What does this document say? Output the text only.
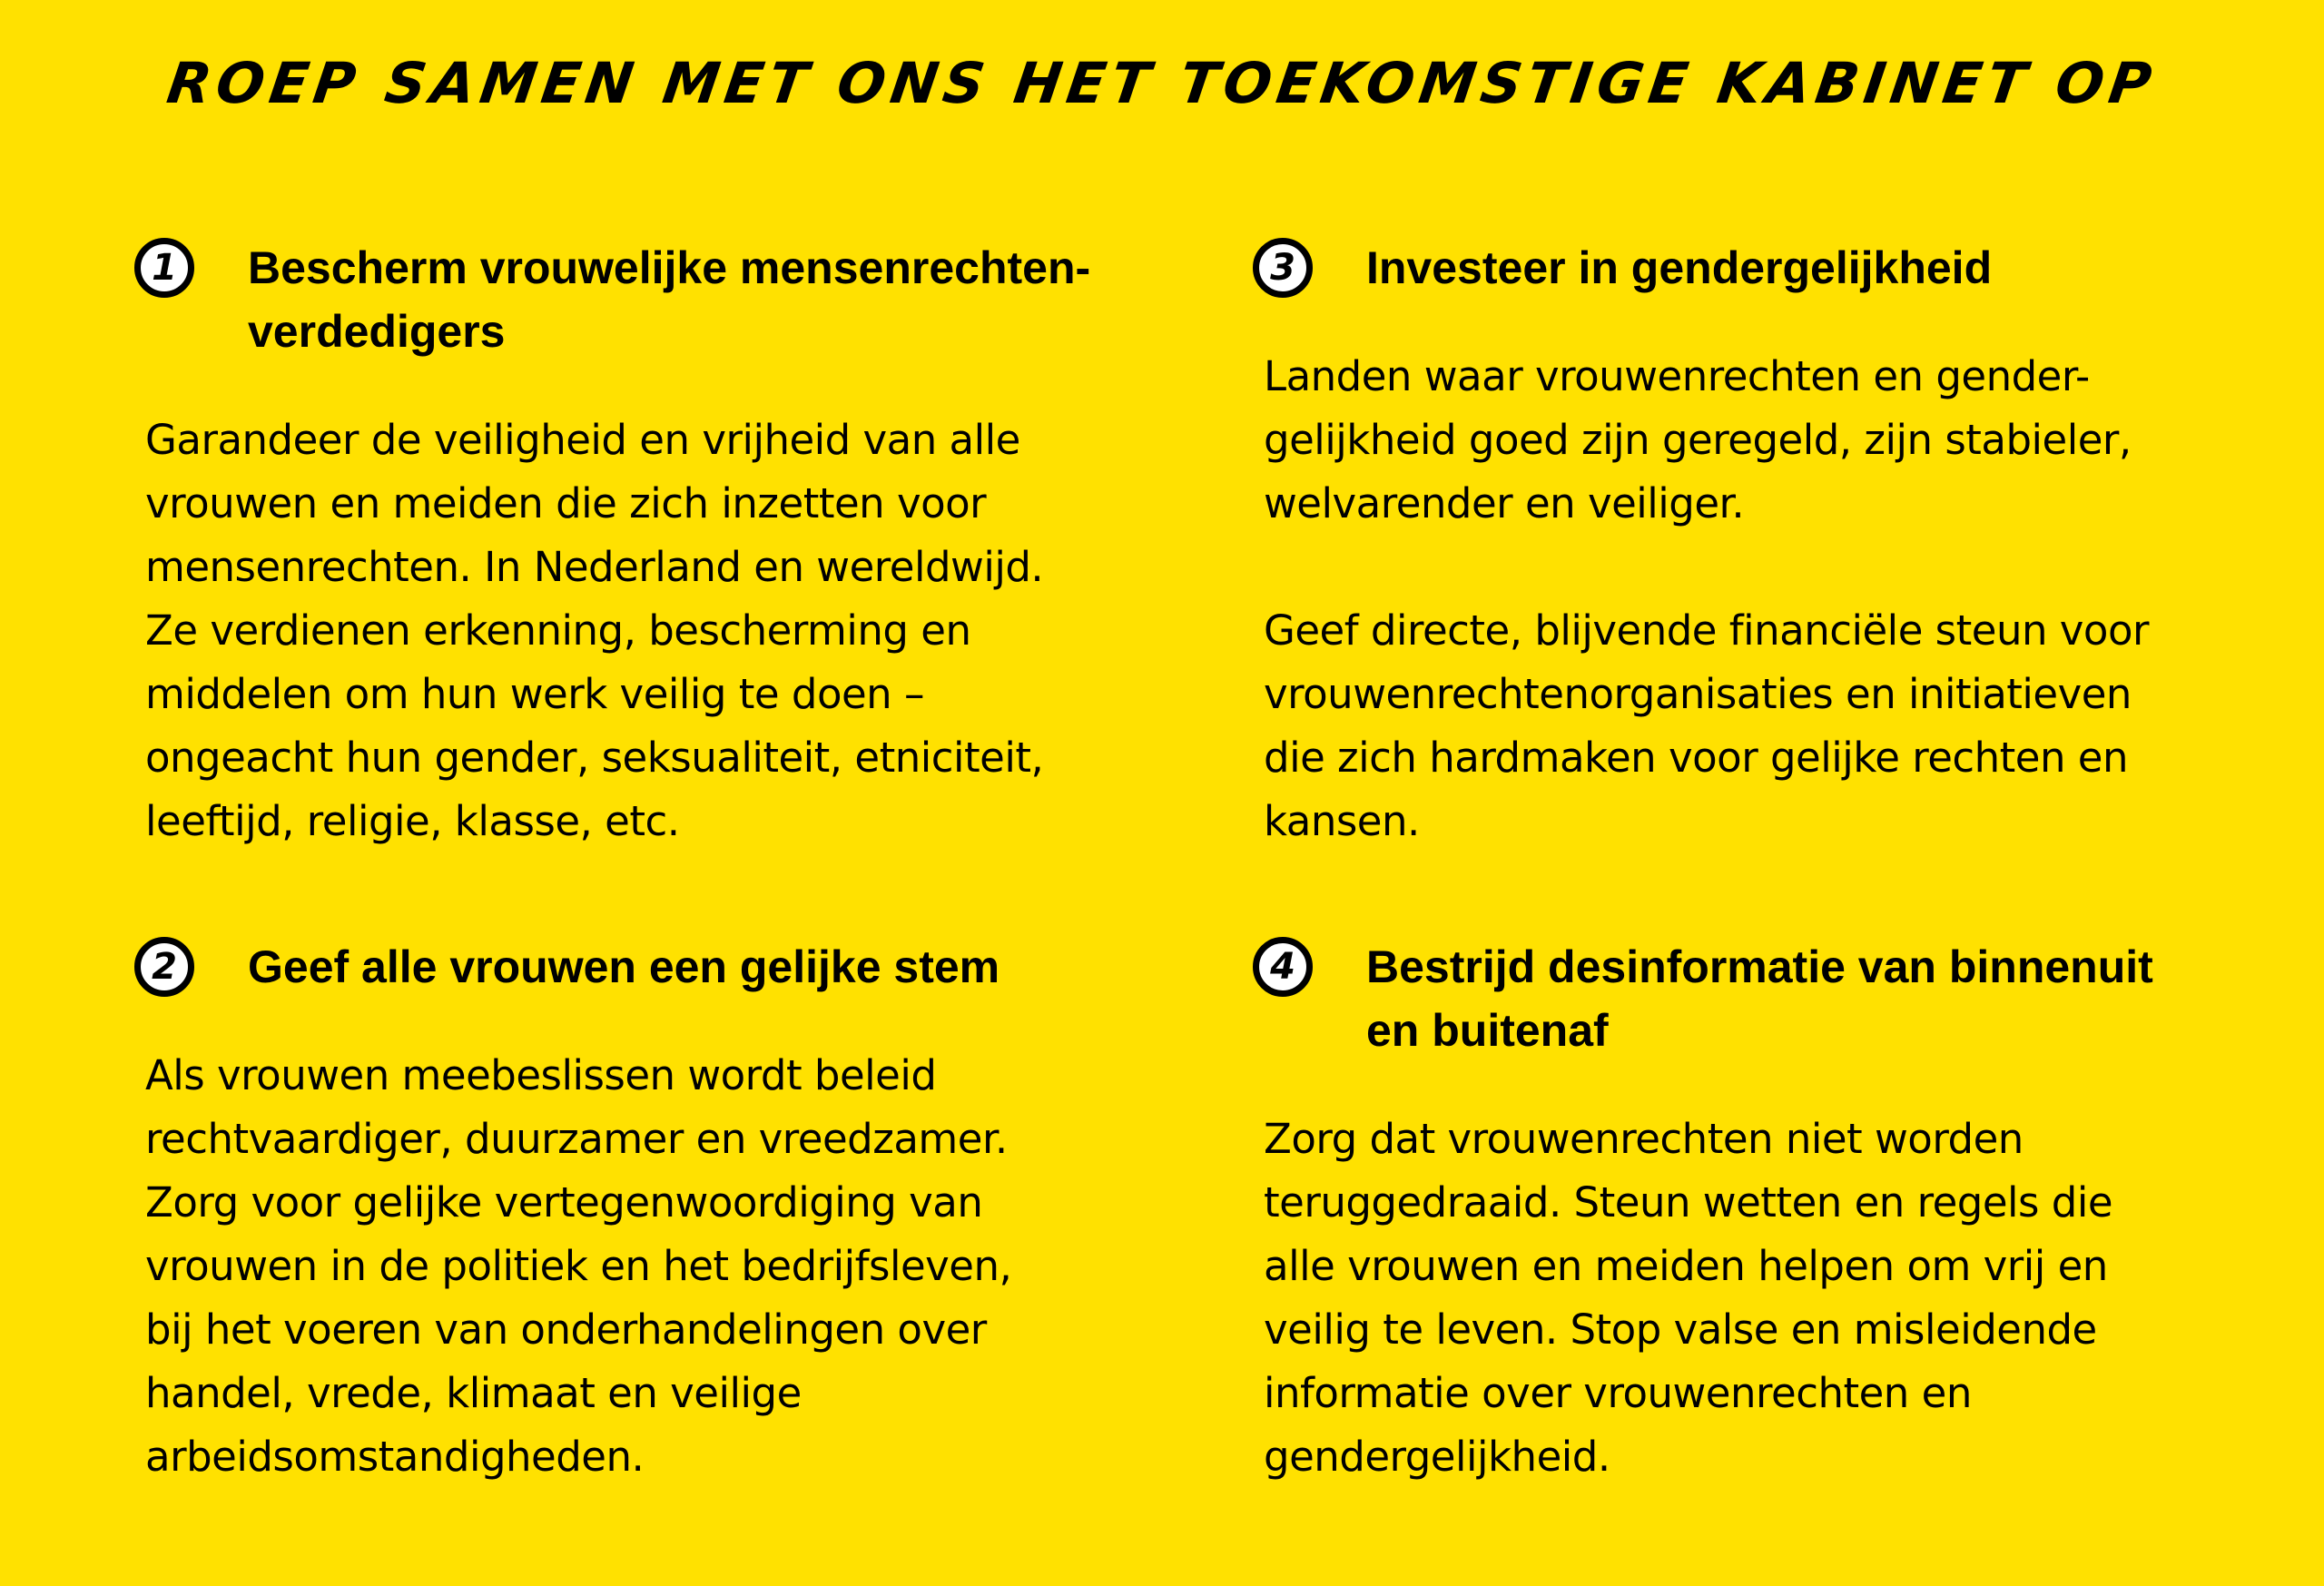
ROEP SAMEN MET ONS HET TOEKOMSTIGE KABINET OP
1	Bescherm vrouwelijke mensenrechten-
verdedigers
Garandeer de veiligheid en vrijheid van alle
vrouwen en meiden die zich inzetten voor
mensenrechten. In Nederland en wereldwijd.
Ze verdienen erkenning, bescherming en
middelen om hun werk veilig te doen –
ongeacht hun gender, seksualiteit, etniciteit,
leeftijd, religie, klasse, etc.
2	Geef alle vrouwen een gelijke stem
Als vrouwen meebeslissen wordt beleid
rechtvaardiger, duurzamer en vreedzamer.
Zorg voor gelijke vertegenwoordiging van
vrouwen in de politiek en het bedrijfsleven,
bij het voeren van onderhandelingen over
handel, vrede, klimaat en veilige
arbeidsomstandigheden.
3	Investeer in gendergelijkheid
Landen waar vrouwenrechten en gender-
gelijkheid goed zijn geregeld, zijn stabieler,
welvarender en veiliger.

Geef directe, blijvende financiële steun voor
vrouwenrechtenorganisaties en initiatieven
die zich hardmaken voor gelijke rechten en
kansen.
4	Bestrijd desinformatie van binnenuit
en buitenaf
Zorg dat vrouwenrechten niet worden
teruggedraaid. Steun wetten en regels die
alle vrouwen en meiden helpen om vrij en
veilig te leven. Stop valse en misleidende
informatie over vrouwenrechten en
gendergelijkheid.
